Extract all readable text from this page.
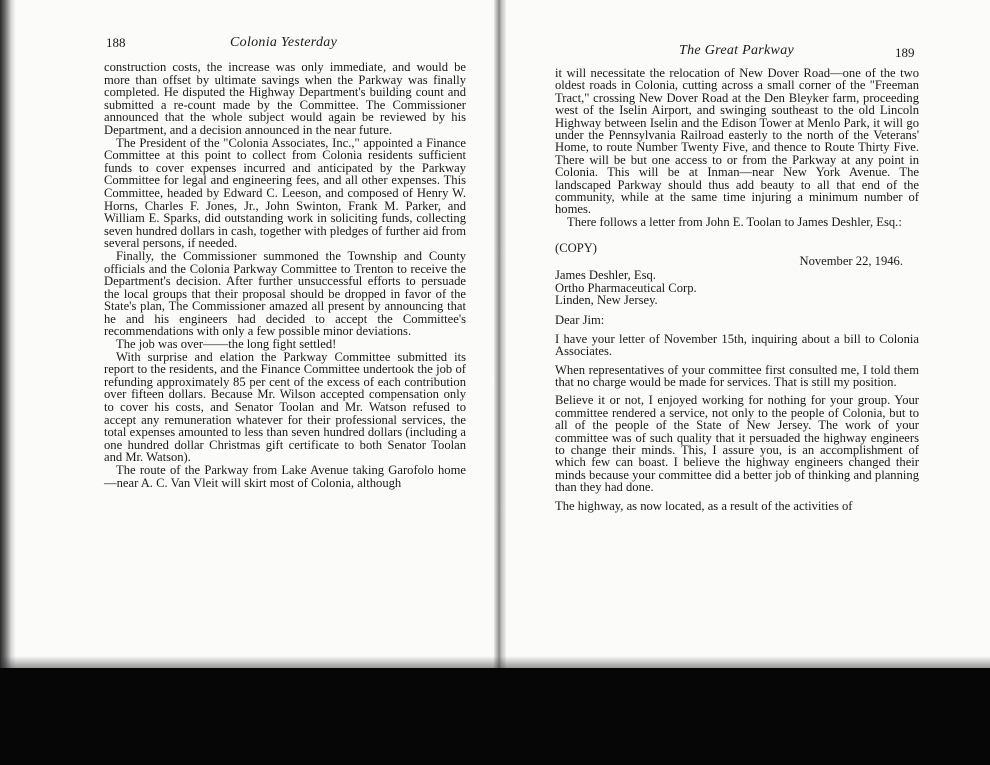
188	Colonia Yesterday

construction costs, the increase was only immediate, and would be more than offset by ultimate savings when the Parkway was finally completed. He disputed the Highway Department's building count and submitted a re-count made by the Committee. The Commissioner announced that the whole subject would again be reviewed by his Department, and a decision announced in the near future.

The President of the "Colonia Associates, Inc.," appointed a Finance Committee at this point to collect from Colonia residents sufficient funds to cover expenses incurred and anticipated by the Parkway Committee for legal and engineering fees, and all other expenses. This Committee, headed by Edward C. Leeson, and composed of Henry W. Horns, Charles F. Jones, Jr., John Swinton, Frank M. Parker, and William E. Sparks, did outstanding work in soliciting funds, collecting seven hundred dollars in cash, together with pledges of further aid from several persons, if needed.

Finally, the Commissioner summoned the Township and County officials and the Colonia Parkway Committee to Trenton to receive the Department's decision. After further unsuccessful efforts to persuade the local groups that their proposal should be dropped in favor of the State's plan, The Commissioner amazed all present by announcing that he and his engineers had decided to accept the Committee's recommendations with only a few possible minor deviations.

The job was over——the long fight settled!

With surprise and elation the Parkway Committee submitted its report to the residents, and the Finance Committee undertook the job of refunding approximately 85 per cent of the excess of each contribution over fifteen dollars. Because Mr. Wilson accepted compensation only to cover his costs, and Senator Toolan and Mr. Watson refused to accept any remuneration whatever for their professional services, the total expenses amounted to less than seven hundred dollars (including a one hundred dollar Christmas gift certificate to both Senator Toolan and Mr. Watson).

The route of the Parkway from Lake Avenue taking Garofolo home—near A. C. Van Vleit will skirt most of Colonia, although

The Great Parkway	189

it will necessitate the relocation of New Dover Road—one of the two oldest roads in Colonia, cutting across a small corner of the "Freeman Tract," crossing New Dover Road at the Den Bleyker farm, proceeding west of the Iselin Airport, and swinging southeast to the old Lincoln Highway between Iselin and the Edison Tower at Menlo Park, it will go under the Pennsylvania Railroad easterly to the north of the Veterans' Home, to route Number Twenty Five, and thence to Route Thirty Five. There will be but one access to or from the Parkway at any point in Colonia. This will be at Inman—near New York Avenue. The landscaped Parkway should thus add beauty to all that end of the community, while at the same time injuring a minimum number of homes.

There follows a letter from John E. Toolan to James Deshler, Esq.:

(COPY)

November 22, 1946.

James Deshler, Esq.

Ortho Pharmaceutical Corp.

Linden, New Jersey.

Dear Jim:

I have your letter of November 15th, inquiring about a bill to Colonia Associates.

When representatives of your committee first consulted me, I told them that no charge would be made for services. That is still my position.

Believe it or not, I enjoyed working for nothing for your group. Your committee rendered a service, not only to the people of Colonia, but to all of the people of the State of New Jersey. The work of your committee was of such quality that it persuaded the highway engineers to change their minds. This, I assure you, is an accomplishment of which few can boast. I believe the highway engineers changed their minds because your committee did a better job of thinking and planning than they had done.

The highway, as now located, as a result of the activities of
